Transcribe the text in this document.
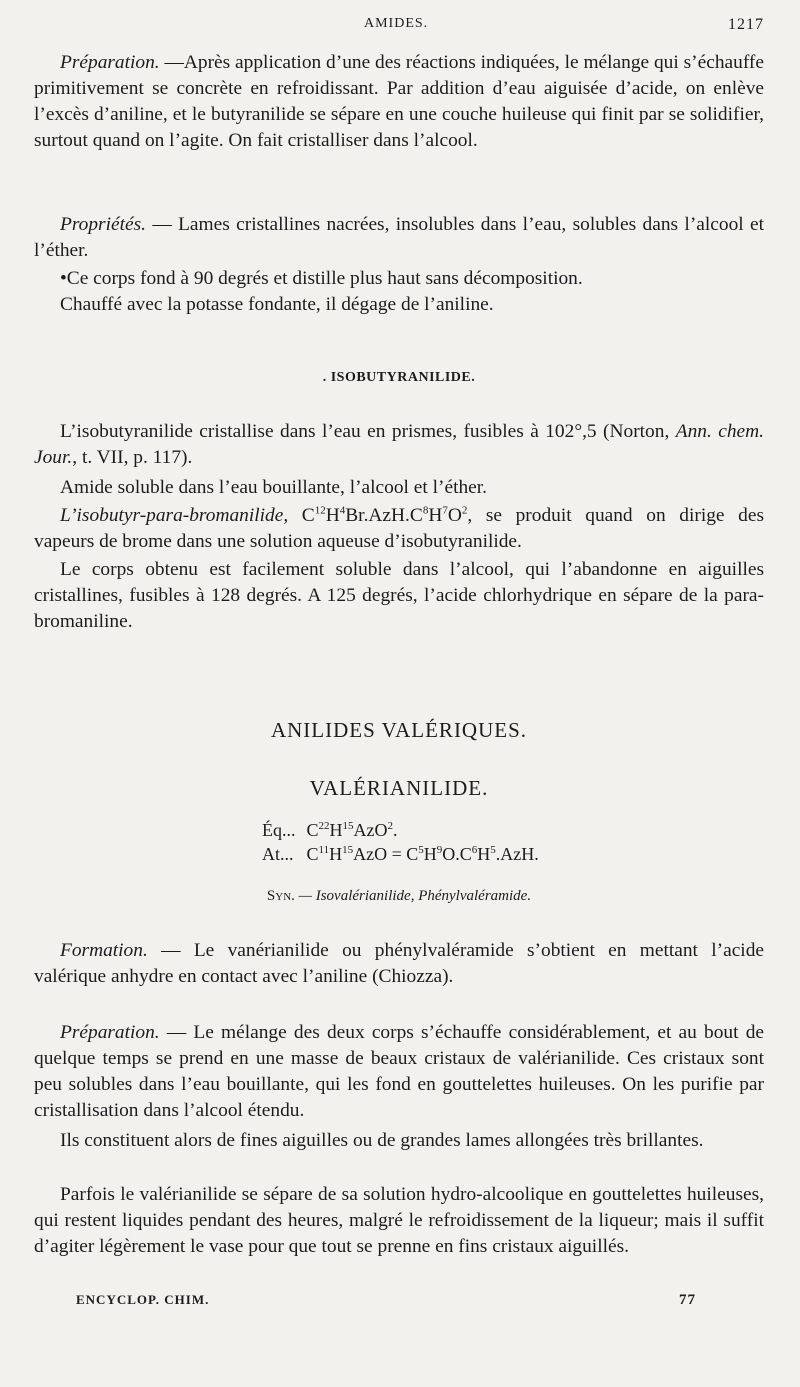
AMIDES.	1217

Préparation. —Après application d’une des réactions indiquées, le mélange qui s’échauffe primitivement se concrète en refroidissant. Par addition d’eau aiguisée d’acide, on enlève l’excès d’aniline, et le butyranilide se sépare en une couche huileuse qui finit par se solidifier, surtout quand on l’agite. On fait cristalliser dans l’alcool.

Propriétés. — Lames cristallines nacrées, insolubles dans l’eau, solubles dans l’alcool et l’éther.

•Ce corps fond à 90 degrés et distille plus haut sans décomposition.

Chauffé avec la potasse fondante, il dégage de l’aniline.

. ISOBUTYRANILIDE.

L’isobutyranilide cristallise dans l’eau en prismes, fusibles à 102°,5 (Norton, Ann. chem. Jour., t. VII, p. 117).

Amide soluble dans l’eau bouillante, l’alcool et l’éther.

L’isobutyr-para-bromanilide, $C^{12}H^4Br.AzH.C^8H^7O^2$, se produit quand on dirige des vapeurs de brome dans une solution aqueuse d’isobutyranilide.

Le corps obtenu est facilement soluble dans l’alcool, qui l’abandonne en aiguilles cristallines, fusibles à 128 degrés. A 125 degrés, l’acide chlorhydrique en sépare de la para-bromaniline.

ANILIDES VALÉRIQUES.
VALÉRIANILIDE.
Éq... $C^{22}H^{15}AzO^2$.
At... $C^{11}H^{15}AzO = C^5H^9O.C^6H^5.AzH$.
Syn. — Isovalérianilide, Phénylvaléramide.

Formation. — Le vanérianilide ou phénylvaléramide s’obtient en mettant l’acide valérique anhydre en contact avec l’aniline (Chiozza).

Préparation. — Le mélange des deux corps s’échauffe considérablement, et au bout de quelque temps se prend en une masse de beaux cristaux de valérianilide. Ces cristaux sont peu solubles dans l’eau bouillante, qui les fond en gouttelettes huileuses. On les purifie par cristallisation dans l’alcool étendu.

Ils constituent alors de fines aiguilles ou de grandes lames allongées très brillantes.

Parfois le valérianilide se sépare de sa solution hydro-alcoolique en gouttelettes huileuses, qui restent liquides pendant des heures, malgré le refroidissement de la liqueur; mais il suffit d’agiter légèrement le vase pour que tout se prenne en fins cristaux aiguillés.

ENCYCLOP. CHIM.	77
